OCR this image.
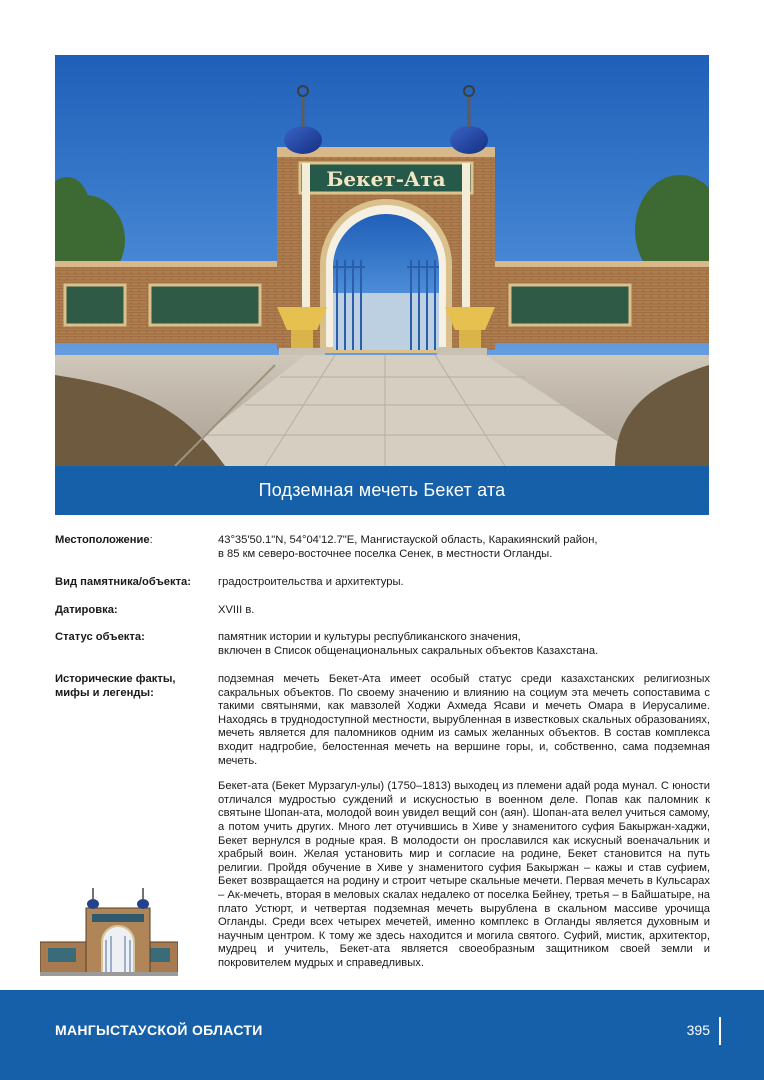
Бекет-Ата
Подземная мечеть Бекет ата
Местоположение:	43°35'50.1"N, 54°04'12.7"E, Мангистауской область, Каракиянский район,
в 85 км северо-восточнее поселка Сенек, в местности Огланды.
Вид памятника/объекта:	градостроительства и архитектуры.
Датировка:	XVIII в.
Статус объекта:	памятник истории и культуры республиканского значения,
включен в Список общенациональных сакральных объектов Казахстана.
Исторические факты, мифы и легенды:

подземная мечеть Бекет-Ата имеет особый статус среди казахстанских религиозных сакральных объектов. По своему значению и влиянию на социум эта мечеть сопоставима с такими святынями, как мавзолей Ходжи Ахмеда Ясави и мечеть Омара в Иерусалиме. Находясь в труднодоступной местности, вырубленная в известковых скальных образованиях, мечеть является для паломников одним из самых желанных объектов. В состав комплекса входит надгробие, белостенная мечеть на вершине горы, и, собственно, сама подземная мечеть.

Бекет-ата (Бекет Мурзагул-улы) (1750–1813) выходец из племени адай рода мунал. С юности отличался мудростью суждений и искусностью в военном деле. Попав как паломник к святыне Шопан-ата, молодой воин увидел вещий сон (аян). Шопан-ата велел учиться самому, а потом учить других. Много лет отучившись в Хиве у знаменитого суфия Бакыржан-хаджи, Бекет вернулся в родные края. В молодости он прославился как искусный военачальник и храбрый воин. Желая установить мир и согласие на родине, Бекет становится на путь религии. Пройдя обучение в Хиве у знаменитого суфия Бакыржан – кажы и став суфием, Бекет возвращается на родину и строит четыре скальные мечети. Первая мечеть в Кульсарах – Ак-мечеть, вторая в меловых скалах недалеко от поселка Бейнеу, третья – в Байшатыре, на плато Устюрт, и четвертая подземная мечеть вырублена в скальном массиве урочища Огланды. Среди всех четырех мечетей, именно комплекс в Огланды является духовным и научным центром. К тому же здесь находится и могила святого. Суфий, мистик, архитектор, мудрец и учитель, Бекет-ата является своеобразным защитником своей земли и покровителем мудрых и справедливых.

МАНГЫСТАУСКОЙ ОБЛАСТИ	395
